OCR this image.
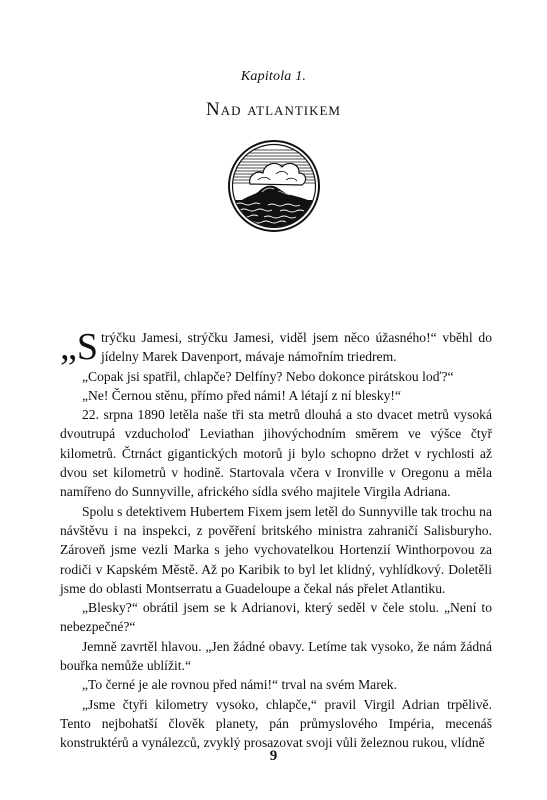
Kapitola 1.
Nad atlantikem

„Strýčku Jamesi, strýčku Jamesi, viděl jsem něco úžasného!“ vběhl do jídelny Marek Davenport, mávaje námořním triedrem.

„Copak jsi spatřil, chlapče? Delfíny? Nebo dokonce pirátskou loď?“

„Ne! Černou stěnu, přímo před námi! A létají z ní blesky!“

22. srpna 1890 letěla naše tři sta metrů dlouhá a sto dvacet metrů vysoká dvoutrupá vzducholoď Leviathan jihovýchodním směrem ve výšce čtyř kilometrů. Čtrnáct gigantických motorů ji bylo schopno držet v rychlosti až dvou set kilometrů v hodině. Startovala včera v Ironville v Oregonu a měla namířeno do Sunnyville, afrického sídla svého majitele Virgila Adriana.

Spolu s detektivem Hubertem Fixem jsem letěl do Sunnyville tak trochu na návštěvu i na inspekci, z pověření britského ministra zahraničí Salisburyho. Zároveň jsme vezli Marka s jeho vychovatelkou Hortenzií Winthorpovou za rodiči v Kapském Městě. Až po Karibik to byl let klidný, vyhlídkový. Doletěli jsme do oblasti Montserratu a Guadeloupe a čekal nás přelet Atlantiku.

„Blesky?“ obrátil jsem se k Adrianovi, který seděl v čele stolu. „Není to nebezpečné?“

Jemně zavrtěl hlavou. „Jen žádné obavy. Letíme tak vysoko, že nám žádná bouřka nemůže ublížit.“

„To černé je ale rovnou před námi!“ trval na svém Marek.

„Jsme čtyři kilometry vysoko, chlapče,“ pravil Virgil Adrian trpělivě. Tento nejbohatší člověk planety, pán průmyslového Impéria, mecenáš konstruktérů a vynálezců, zvyklý prosazovat svoji vůli železnou rukou, vlídně

9
